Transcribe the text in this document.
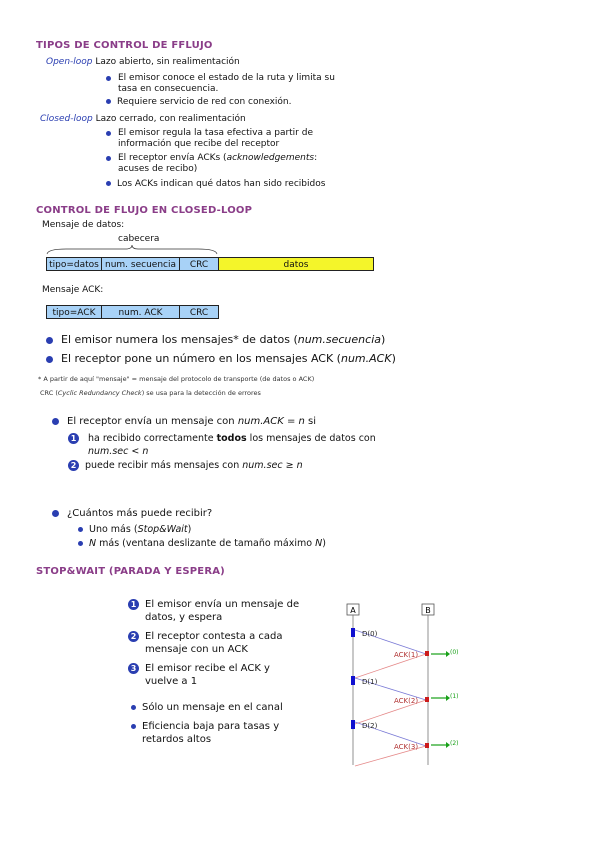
TIPOS DE CONTROL DE FFLUJO
Open-loop Lazo abierto, sin realimentación
El emisor conoce el estado de la ruta y limita su tasa en consecuencia.
Requiere servicio de red con conexión.
Closed-loop Lazo cerrado, con realimentación
El emisor regula la tasa efectiva a partir de información que recibe del receptor
El receptor envía ACKs (acknowledgements: acuses de recibo)
Los ACKs indican qué datos han sido recibidos
CONTROL DE FLUJO EN CLOSED-LOOP
Mensaje de datos:
cabecera
tipo=datos num. secuencia	CRC	datos
Mensaje ACK:
tipo=ACK	num. ACK	CRC
El emisor numera los mensajes* de datos (num.secuencia)
El receptor pone un número en los mensajes ACK (num.ACK)
* A partir de aquí "mensaje" = mensaje del protocolo de transporte (de datos o ACK)
CRC (Cyclic Redundancy Check) se usa para la detección de errores
El receptor envía un mensaje con num.ACK = n si
1 ha recibido correctamente todos los mensajes de datos con
num.sec < n
2 puede recibir más mensajes con num.sec ≥ n
¿Cuántos más puede recibir?
Uno más (Stop&Wait)
N más (ventana deslizante de tamaño máximo N)
STOP&WAIT (PARADA Y ESPERA)
1 El emisor envía un mensaje de datos, y espera
2 El receptor contesta a cada mensaje con un ACK
3 El emisor recibe el ACK y vuelve a 1
Sólo un mensaje en el canal
Eficiencia baja para tasas y retardos altos
A	B
D(0)
ACK(1)	(0)
D(1)
ACK(2)
(1)
D(2)
ACK(3)	(2)
